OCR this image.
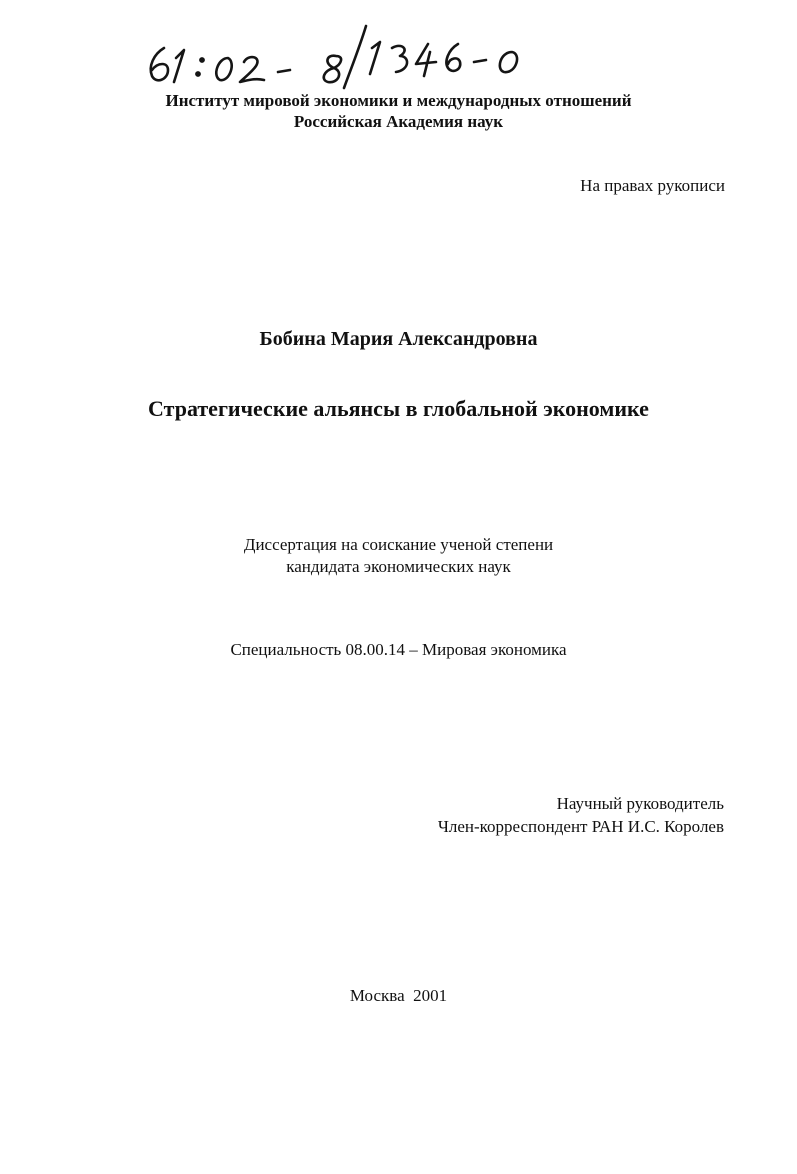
Институт мировой экономики и международных отношений
Российская Академия наук
На правах рукописи
Бобина Мария Александровна
Стратегические альянсы в глобальной экономике
Диссертация на соискание ученой степени
кандидата экономических наук
Специальность 08.00.14 – Мировая экономика
Научный руководитель
Член-корреспондент РАН И.С. Королев
Москва  2001
